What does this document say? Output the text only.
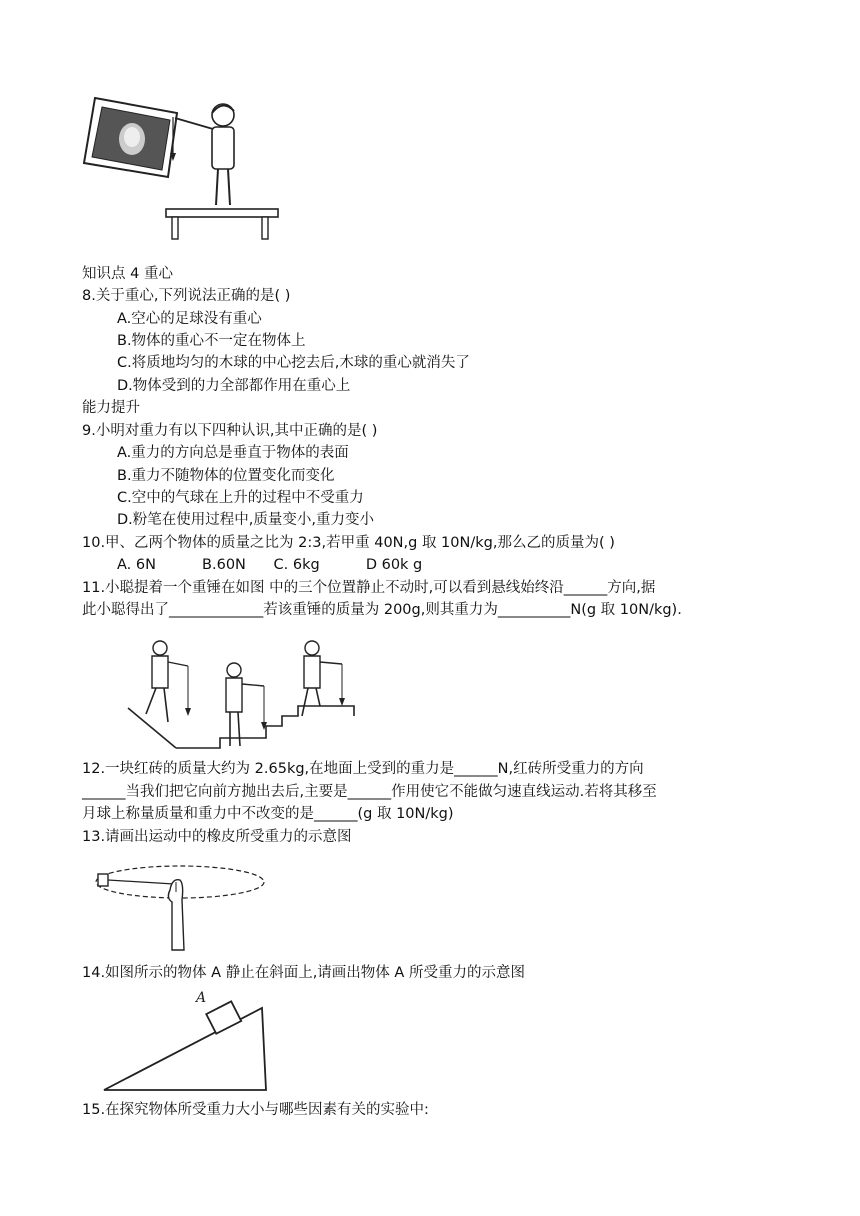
知识点 4 重心
8.关于重心,下列说法正确的是( )
A.空心的足球没有重心
B.物体的重心不一定在物体上
C.将质地均匀的木球的中心挖去后,木球的重心就消失了
D.物体受到的力全部都作用在重心上
能力提升
9.小明对重力有以下四种认识,其中正确的是( )
A.重力的方向总是垂直于物体的表面
B.重力不随物体的位置变化而变化
C.空中的气球在上升的过程中不受重力
D.粉笔在使用过程中,质量变小,重力变小
10.甲、乙两个物体的质量之比为 2:3,若甲重 40N,g 取 10N/kg,那么乙的质量为( )
A. 6N          B.60N      C. 6kg          D 60k g
11.小聪提着一个重锤在如图 中的三个位置静止不动时,可以看到悬线始终沿______方向,据
此小聪得出了_____________若该重锤的质量为 200g,则其重力为__________N(g 取 10N/kg).
12.一块红砖的质量大约为 2.65kg,在地面上受到的重力是______N,红砖所受重力的方向
______当我们把它向前方抛出去后,主要是______作用使它不能做匀速直线运动.若将其移至
月球上称量质量和重力中不改变的是______(g 取 10N/kg)
13.请画出运动中的橡皮所受重力的示意图
14.如图所示的物体 A 静止在斜面上,请画出物体 A 所受重力的示意图
A
15.在探究物体所受重力大小与哪些因素有关的实验中:
